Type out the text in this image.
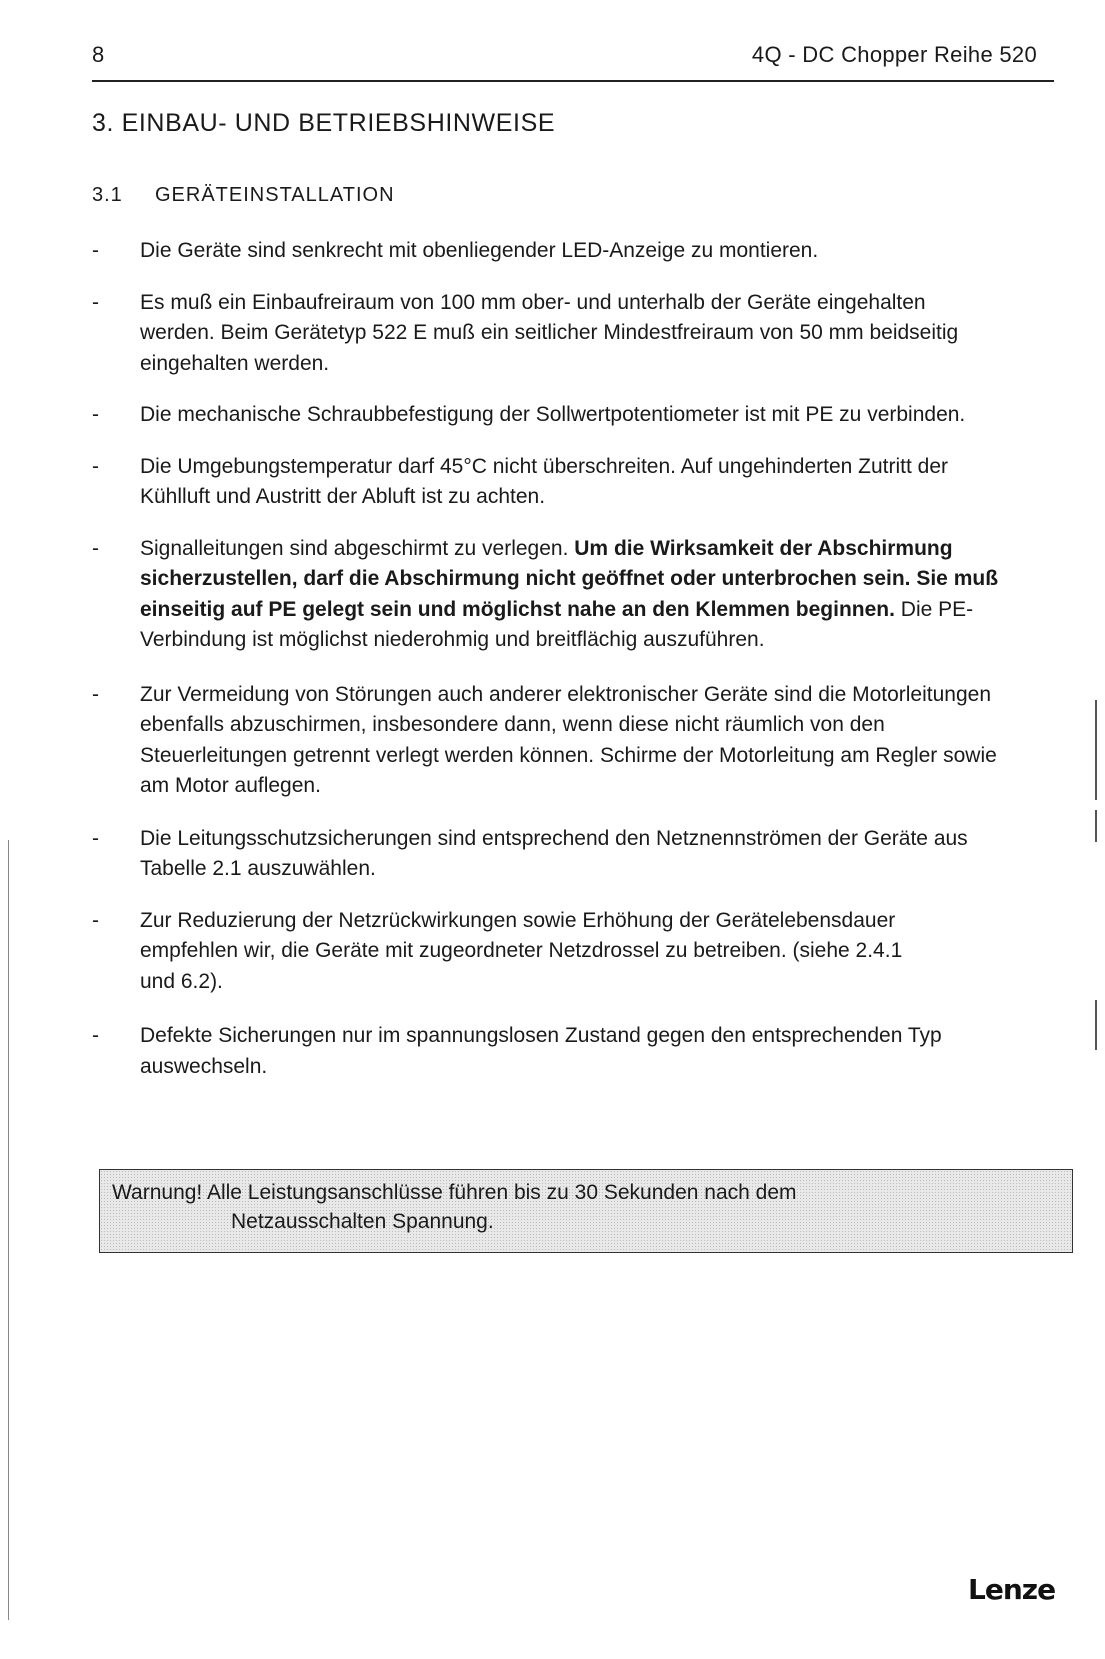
8	4Q - DC Chopper Reihe 520
3. EINBAU- UND BETRIEBSHINWEISE
3.1 GERÄTEINSTALLATION
- Die Geräte sind senkrecht mit obenliegender LED-Anzeige zu montieren.

- Es muß ein Einbaufreiraum von 100 mm ober- und unterhalb der Geräte eingehalten werden. Beim Gerätetyp 522 E muß ein seitlicher Mindestfreiraum von 50 mm beidseitig eingehalten werden.

- Die mechanische Schraubbefestigung der Sollwertpotentiometer ist mit PE zu verbinden.

- Die Umgebungstemperatur darf 45°C nicht überschreiten. Auf ungehinderten Zutritt der Kühlluft und Austritt der Abluft ist zu achten.

- Signalleitungen sind abgeschirmt zu verlegen. Um die Wirksamkeit der Abschirmung sicherzustellen, darf die Abschirmung nicht geöffnet oder unterbrochen sein. Sie muß einseitig auf PE gelegt sein und möglichst nahe an den Klemmen beginnen. Die PE-Verbindung ist möglichst niederohmig und breitflächig auszuführen.

- Zur Vermeidung von Störungen auch anderer elektronischer Geräte sind die Motorleitungen ebenfalls abzuschirmen, insbesondere dann, wenn diese nicht räumlich von den Steuerleitungen getrennt verlegt werden können. Schirme der Motorleitung am Regler sowie am Motor auflegen.

- Die Leitungsschutzsicherungen sind entsprechend den Netznennströmen der Geräte aus Tabelle 2.1 auszuwählen.

- Zur Reduzierung der Netzrückwirkungen sowie Erhöhung der Gerätelebensdauer empfehlen wir, die Geräte mit zugeordneter Netzdrossel zu betreiben. (siehe 2.4.1 und 6.2).

- Defekte Sicherungen nur im spannungslosen Zustand gegen den entsprechenden Typ auswechseln.

Warnung! Alle Leistungsanschlüsse führen bis zu 30 Sekunden nach dem
Netzausschalten Spannung.
Lenze
